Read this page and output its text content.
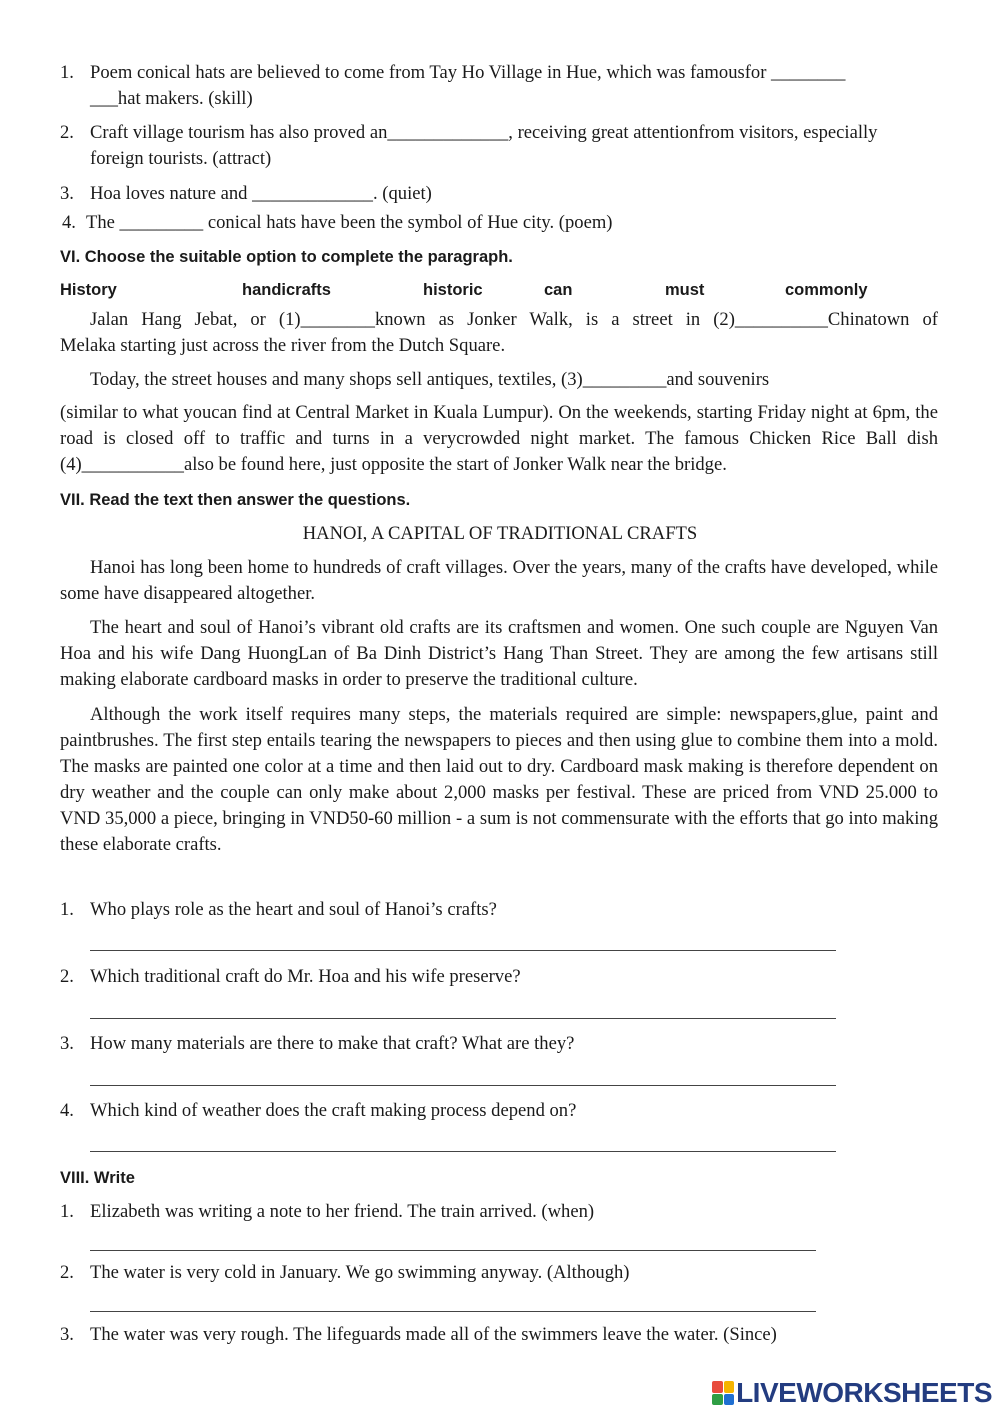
1. Poem conical hats are believed to come from Tay Ho Village in Hue, which was famousfor ________
___hat makers. (skill)
2. Craft village tourism has also proved an_____________, receiving great attentionfrom visitors, especially
foreign tourists. (attract)
3. Hoa loves nature and _____________. (quiet)
4. The _________ conical hats have been the symbol of Hue city. (poem)
VI. Choose the suitable option to complete the paragraph.
History	handicrafts	historic	can	must	commonly
Jalan Hang Jebat, or (1)________known as Jonker Walk, is a street in (2)__________Chinatown of
Melaka starting just across the river from the Dutch Square.
Today, the street houses and many shops sell antiques, textiles, (3)_________and souvenirs
(similar to what youcan find at Central Market in Kuala Lumpur). On the weekends, starting Friday night at 6pm, the road is closed off to traffic and turns in a verycrowded night market. The famous Chicken Rice Ball dish (4)___________also be found here, just opposite the start of Jonker Walk near the bridge.
VII. Read the text then answer the questions.
HANOI, A CAPITAL OF TRADITIONAL CRAFTS
Hanoi has long been home to hundreds of craft villages. Over the years, many of the crafts have developed, while some have disappeared altogether.
The heart and soul of Hanoi’s vibrant old crafts are its craftsmen and women. One such couple are Nguyen Van Hoa and his wife Dang HuongLan of Ba Dinh District’s Hang Than Street. They are among the few artisans still making elaborate cardboard masks in order to preserve the traditional culture.
Although the work itself requires many steps, the materials required are simple: newspapers,glue, paint and paintbrushes. The first step entails tearing the newspapers to pieces and then using glue to combine them into a mold. The masks are painted one color at a time and then laid out to dry. Cardboard mask making is therefore dependent on dry weather and the couple can only make about 2,000 masks per festival. These are priced from VND 25.000 to VND 35,000 a piece, bringing in VND50-60 million - a sum is not commensurate with the efforts that go into making these elaborate crafts.
1. Who plays role as the heart and soul of Hanoi’s crafts?
2. Which traditional craft do Mr. Hoa and his wife preserve?
3. How many materials are there to make that craft? What are they?
4. Which kind of weather does the craft making process depend on?
VIII. Write
1. Elizabeth was writing a note to her friend. The train arrived. (when)
2. The water is very cold in January. We go swimming anyway. (Although)
3. The water was very rough. The lifeguards made all of the swimmers leave the water. (Since)
LIVEWORKSHEETS
